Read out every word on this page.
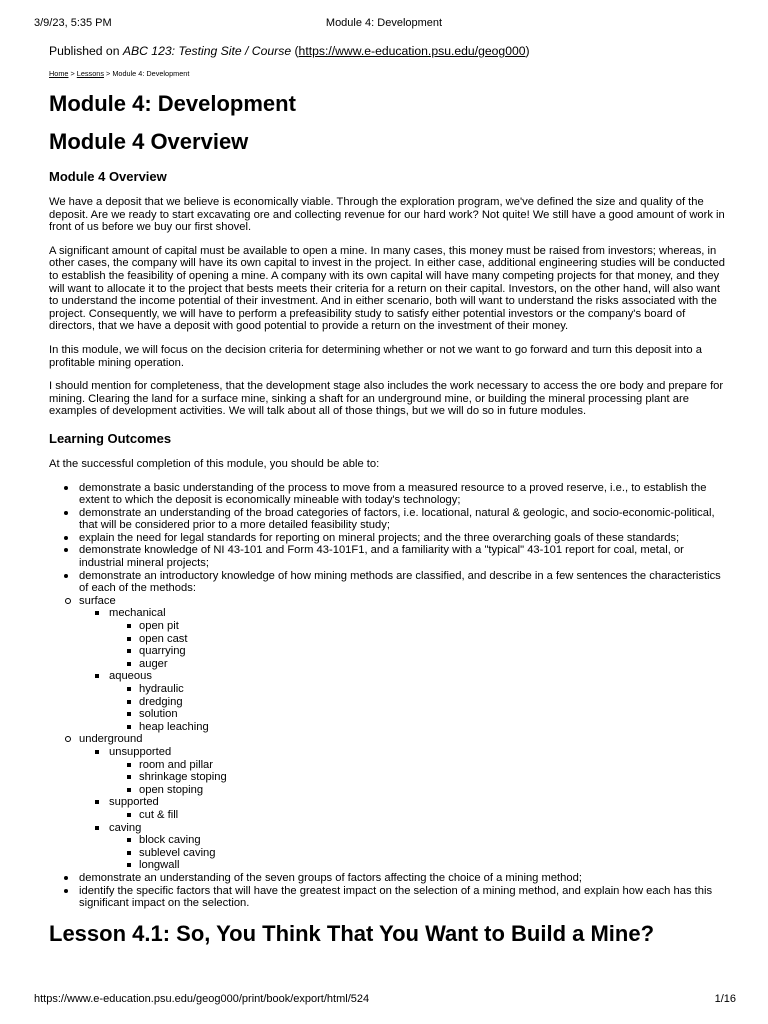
3/9/23, 5:35 PM	Module 4: Development

Published on ABC 123: Testing Site / Course (https://www.e-education.psu.edu/geog000)

Home > Lessons > Module 4: Development
Module 4: Development
Module 4 Overview
Module 4 Overview

We have a deposit that we believe is economically viable. Through the exploration program, we've defined the size and quality of the deposit. Are we ready to start excavating ore and collecting revenue for our hard work? Not quite! We still have a good amount of work in front of us before we buy our first shovel.

A significant amount of capital must be available to open a mine. In many cases, this money must be raised from investors; whereas, in other cases, the company will have its own capital to invest in the project. In either case, additional engineering studies will be conducted to establish the feasibility of opening a mine. A company with its own capital will have many competing projects for that money, and they will want to allocate it to the project that bests meets their criteria for a return on their capital. Investors, on the other hand, will also want to understand the income potential of their investment. And in either scenario, both will want to understand the risks associated with the project. Consequently, we will have to perform a prefeasibility study to satisfy either potential investors or the company's board of directors, that we have a deposit with good potential to provide a return on the investment of their money.

In this module, we will focus on the decision criteria for determining whether or not we want to go forward and turn this deposit into a profitable mining operation.

I should mention for completeness, that the development stage also includes the work necessary to access the ore body and prepare for mining. Clearing the land for a surface mine, sinking a shaft for an underground mine, or building the mineral processing plant are examples of development activities. We will talk about all of those things, but we will do so in future modules.

Learning Outcomes

At the successful completion of this module, you should be able to:

demonstrate a basic understanding of the process to move from a measured resource to a proved reserve, i.e., to establish the extent to which the deposit is economically mineable with today's technology;
demonstrate an understanding of the broad categories of factors, i.e. locational, natural & geologic, and socio-economic-political, that will be considered prior to a more detailed feasibility study;
explain the need for legal standards for reporting on mineral projects; and the three overarching goals of these standards;
demonstrate knowledge of NI 43-101 and Form 43-101F1, and a familiarity with a "typical" 43-101 report for coal, metal, or industrial mineral projects;
demonstrate an introductory knowledge of how mining methods are classified, and describe in a few sentences the characteristics of each of the methods:
surface
mechanical
open pit
open cast
quarrying
auger
aqueous
hydraulic
dredging
solution
heap leaching
underground
unsupported
room and pillar
shrinkage stoping
open stoping
supported
cut & fill
caving
block caving
sublevel caving
longwall
demonstrate an understanding of the seven groups of factors affecting the choice of a mining method;
identify the specific factors that will have the greatest impact on the selection of a mining method, and explain how each has this significant impact on the selection.
Lesson 4.1: So, You Think That You Want to Build a Mine?
https://www.e-education.psu.edu/geog000/print/book/export/html/524	1/16
